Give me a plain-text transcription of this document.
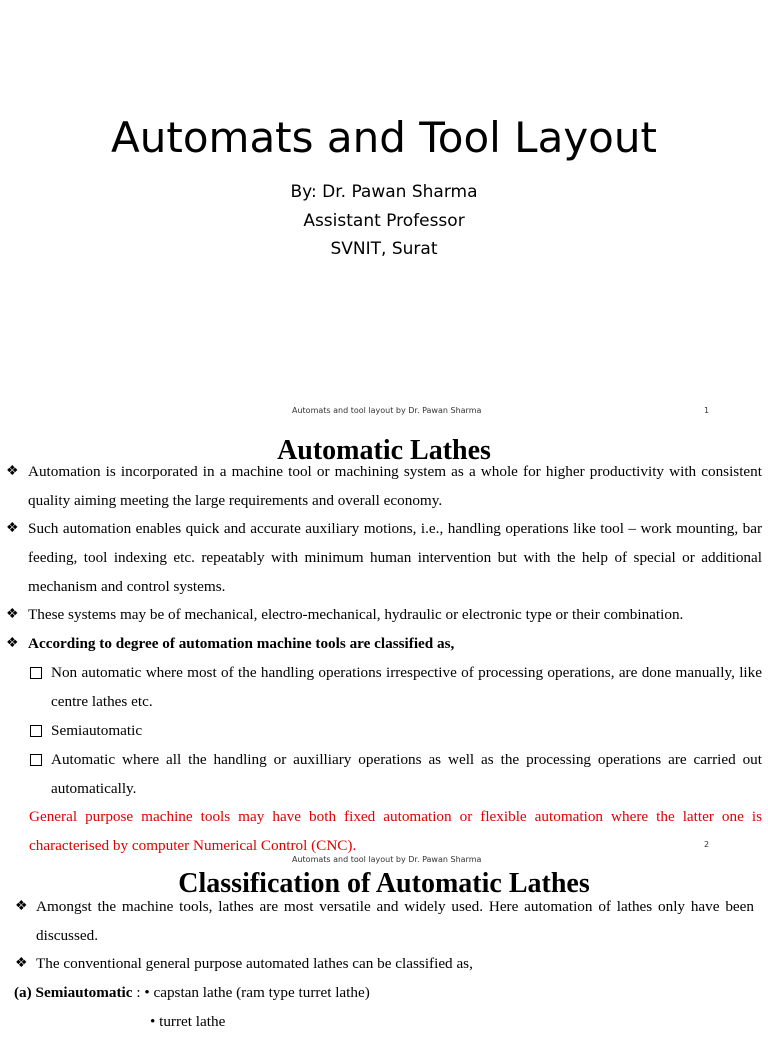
Automats and Tool Layout
By: Dr. Pawan Sharma
Assistant Professor
SVNIT, Surat
Automats and tool layout by Dr. Pawan Sharma	1
Automatic Lathes
❖ Automation is incorporated in a machine tool or machining system as a whole for higher productivity with consistent quality aiming meeting the large requirements and overall economy.
❖ Such automation enables quick and accurate auxiliary motions, i.e., handling operations like tool – work mounting, bar feeding, tool indexing etc. repeatably with minimum human intervention but with the help of special or additional mechanism and control systems.
❖ These systems may be of mechanical, electro-mechanical, hydraulic or electronic type or their combination.
❖ According to degree of automation machine tools are classified as,
Non automatic where most of the handling operations irrespective of processing operations, are done manually, like centre lathes etc.
Semiautomatic
Automatic where all the handling or auxilliary operations as well as the processing operations are carried out automatically.
General purpose machine tools may have both fixed automation or flexible automation where the latter one is characterised by computer Numerical Control (CNC).
Automats and tool layout by Dr. Pawan Sharma
2
Classification of Automatic Lathes
❖ Amongst the machine tools, lathes are most versatile and widely used. Here automation of lathes only have been discussed.
❖ The conventional general purpose automated lathes can be classified as,
(a) Semiautomatic : • capstan lathe (ram type turret lathe)
• turret lathe
